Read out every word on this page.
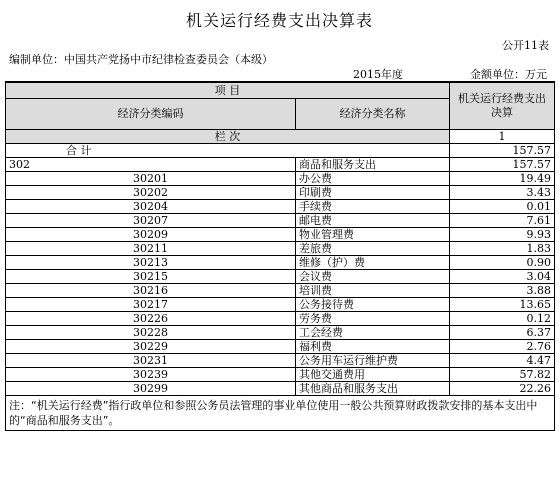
机关运行经费支出决算表
公开11表
编制单位：中国共产党扬中市纪律检查委员会（本级）
2015年度	金额单位：万元
项 目		机关运行经费支出决算
经济分类编码	经济分类名称	
栏 次		1
合 计		157.57
302	商品和服务支出	157.57
30201	办公费	19.49
30202	印刷费	3.43
30204	手续费	0.01
30207	邮电费	7.61
30209	物业管理费	9.93
30211	差旅费	1.83
30213	维修（护）费	0.90
30215	会议费	3.04
30216	培训费	3.88
30217	公务接待费	13.65
30226	劳务费	0.12
30228	工会经费	6.37
30229	福利费	2.76
30231	公务用车运行维护费	4.47
30239	其他交通费用	57.82
30299	其他商品和服务支出	22.26
注：“机关运行经费”指行政单位和参照公务员法管理的事业单位使用一般公共预算财政拨款安排的基本支出中的“商品和服务支出”。		
